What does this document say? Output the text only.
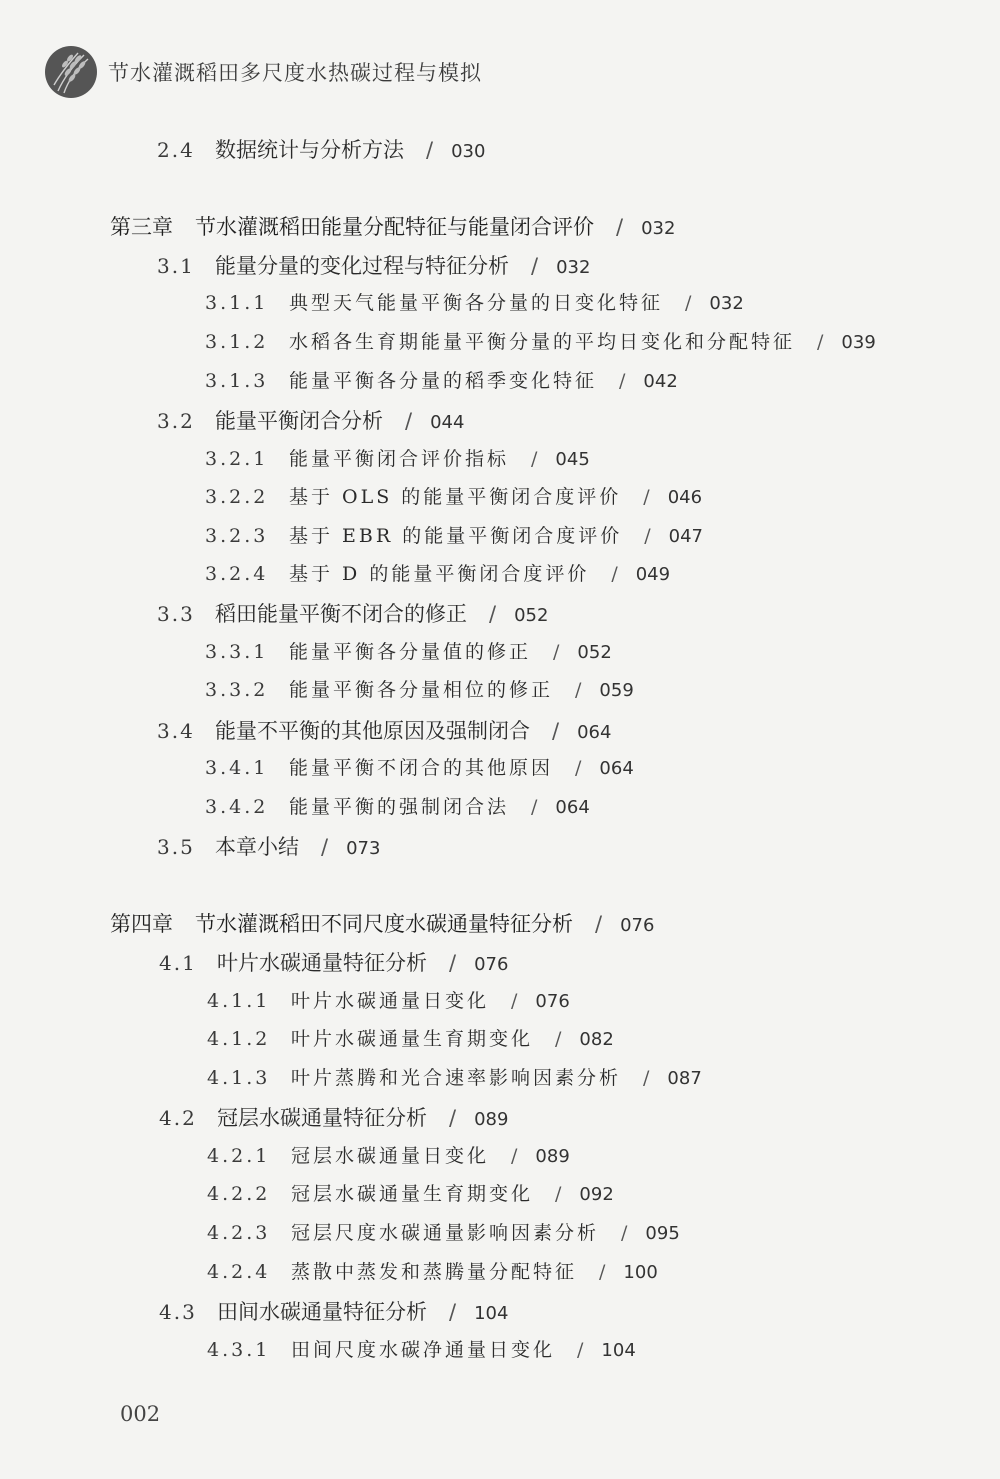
节水灌溉稻田多尺度水热碳过程与模拟
2.4 数据统计与分析方法 / 030
第三章 节水灌溉稻田能量分配特征与能量闭合评价 / 032
3.1 能量分量的变化过程与特征分析 / 032
3.1.1	典型天气能量平衡各分量的日变化特征 / 032
3.1.2	水稻各生育期能量平衡分量的平均日变化和分配特征 / 039
3.1.3	能量平衡各分量的稻季变化特征 / 042
3.2 能量平衡闭合分析 / 044
3.2.1	能量平衡闭合评价指标 / 045
3.2.2	基于 OLS 的能量平衡闭合度评价 / 046
3.2.3	基于 EBR 的能量平衡闭合度评价 / 047
3.2.4	基于 D 的能量平衡闭合度评价 / 049
3.3 稻田能量平衡不闭合的修正 / 052
3.3.1	能量平衡各分量值的修正 / 052
3.3.2	能量平衡各分量相位的修正 / 059
3.4 能量不平衡的其他原因及强制闭合 / 064
3.4.1	能量平衡不闭合的其他原因 / 064
3.4.2	能量平衡的强制闭合法 / 064
3.5 本章小结 / 073
第四章 节水灌溉稻田不同尺度水碳通量特征分析 / 076
4.1 叶片水碳通量特征分析 / 076
4.1.1	叶片水碳通量日变化 / 076
4.1.2	叶片水碳通量生育期变化 / 082
4.1.3	叶片蒸腾和光合速率影响因素分析 / 087
4.2 冠层水碳通量特征分析 / 089
4.2.1	冠层水碳通量日变化 / 089
4.2.2	冠层水碳通量生育期变化 / 092
4.2.3	冠层尺度水碳通量影响因素分析 / 095
4.2.4	蒸散中蒸发和蒸腾量分配特征 / 100
4.3 田间水碳通量特征分析 / 104
4.3.1	田间尺度水碳净通量日变化 / 104
002
